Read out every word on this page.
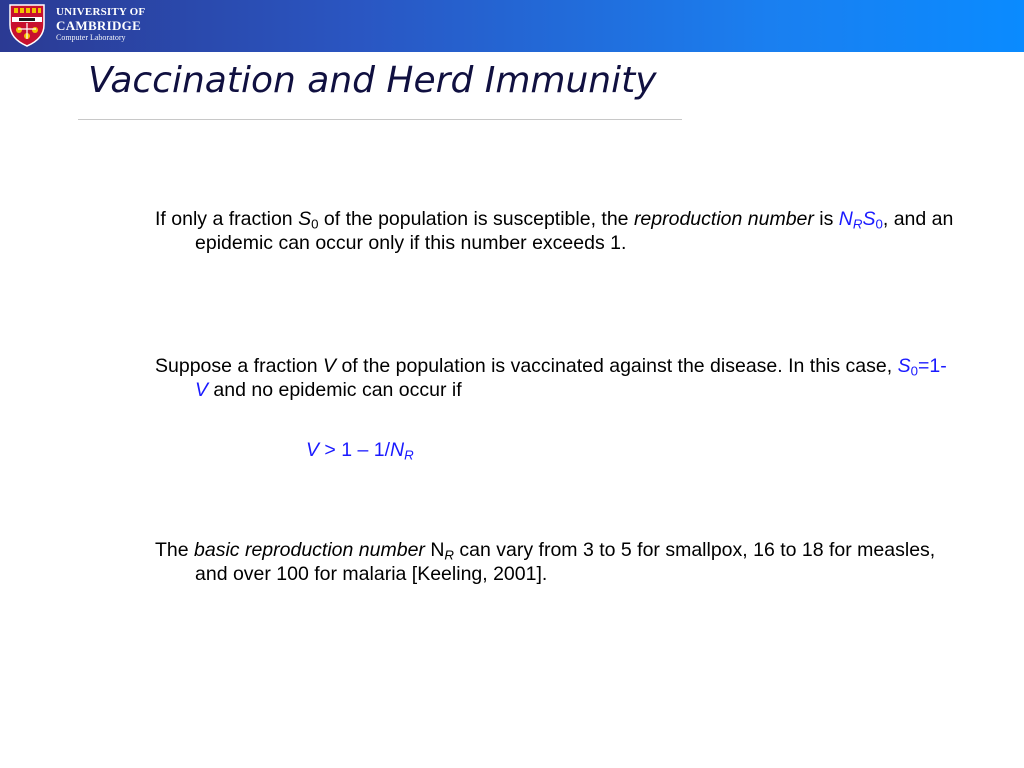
UNIVERSITY OF
CAMBRIDGE
Computer Laboratory
Vaccination and Herd Immunity
If only a fraction $S_0$ of the population is susceptible, the reproduction number is $N_RS_0$, and an epidemic can occur only if this number exceeds 1.
Suppose a fraction V of the population is vaccinated against the disease. In this case, $S_0=1-V$ and no epidemic can occur if
$V > 1 - 1/N_R$
The basic reproduction number $N_R$ can vary from 3 to 5 for smallpox, 16 to 18 for measles, and over 100 for malaria [Keeling, 2001].
